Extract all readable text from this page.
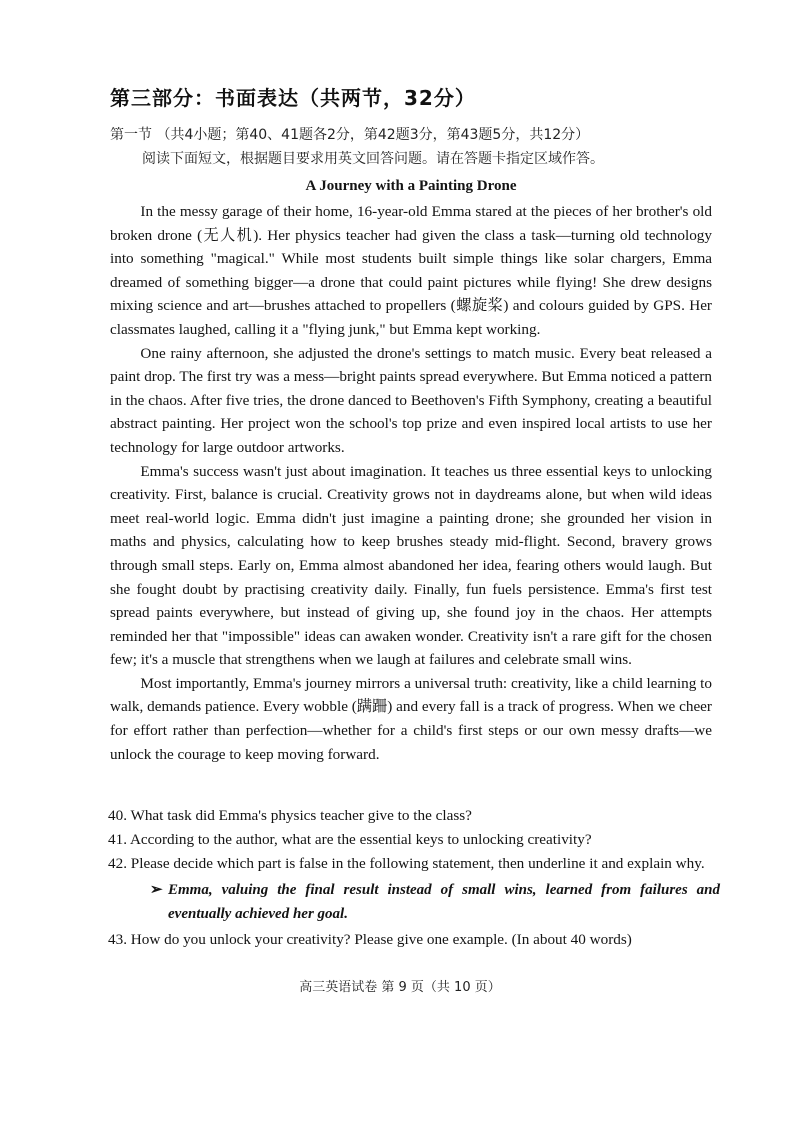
第三部分：书面表达（共两节，32分）
第一节 （共4小题；第40、41题各2分，第42题3分，第43题5分，共12分）
阅读下面短文，根据题目要求用英文回答问题。请在答题卡指定区域作答。
A Journey with a Painting Drone

In the messy garage of their home, 16-year-old Emma stared at the pieces of her brother's old broken drone (无人机). Her physics teacher had given the class a task—turning old technology into something "magical." While most students built simple things like solar chargers, Emma dreamed of something bigger—a drone that could paint pictures while flying! She drew designs mixing science and art—brushes attached to propellers (螺旋桨) and colours guided by GPS. Her classmates laughed, calling it a "flying junk," but Emma kept working.

One rainy afternoon, she adjusted the drone's settings to match music. Every beat released a paint drop. The first try was a mess—bright paints spread everywhere. But Emma noticed a pattern in the chaos. After five tries, the drone danced to Beethoven's Fifth Symphony, creating a beautiful abstract painting. Her project won the school's top prize and even inspired local artists to use her technology for large outdoor artworks.

Emma's success wasn't just about imagination. It teaches us three essential keys to unlocking creativity. First, balance is crucial. Creativity grows not in daydreams alone, but when wild ideas meet real-world logic. Emma didn't just imagine a painting drone; she grounded her vision in maths and physics, calculating how to keep brushes steady mid-flight. Second, bravery grows through small steps. Early on, Emma almost abandoned her idea, fearing others would laugh. But she fought doubt by practising creativity daily. Finally, fun fuels persistence. Emma's first test spread paints everywhere, but instead of giving up, she found joy in the chaos. Her attempts reminded her that "impossible" ideas can awaken wonder. Creativity isn't a rare gift for the chosen few; it's a muscle that strengthens when we laugh at failures and celebrate small wins.

Most importantly, Emma's journey mirrors a universal truth: creativity, like a child learning to walk, demands patience. Every wobble (蹒跚) and every fall is a track of progress. When we cheer for effort rather than perfection—whether for a child's first steps or our own messy drafts—we unlock the courage to keep moving forward.

40. What task did Emma's physics teacher give to the class?

41. According to the author, what are the essential keys to unlocking creativity?

42. Please decide which part is false in the following statement, then underline it and explain why.

➢ Emma, valuing the final result instead of small wins, learned from failures and eventually achieved her goal.

43. How do you unlock your creativity? Please give one example. (In about 40 words)

高三英语试卷 第 9 页（共 10 页）
